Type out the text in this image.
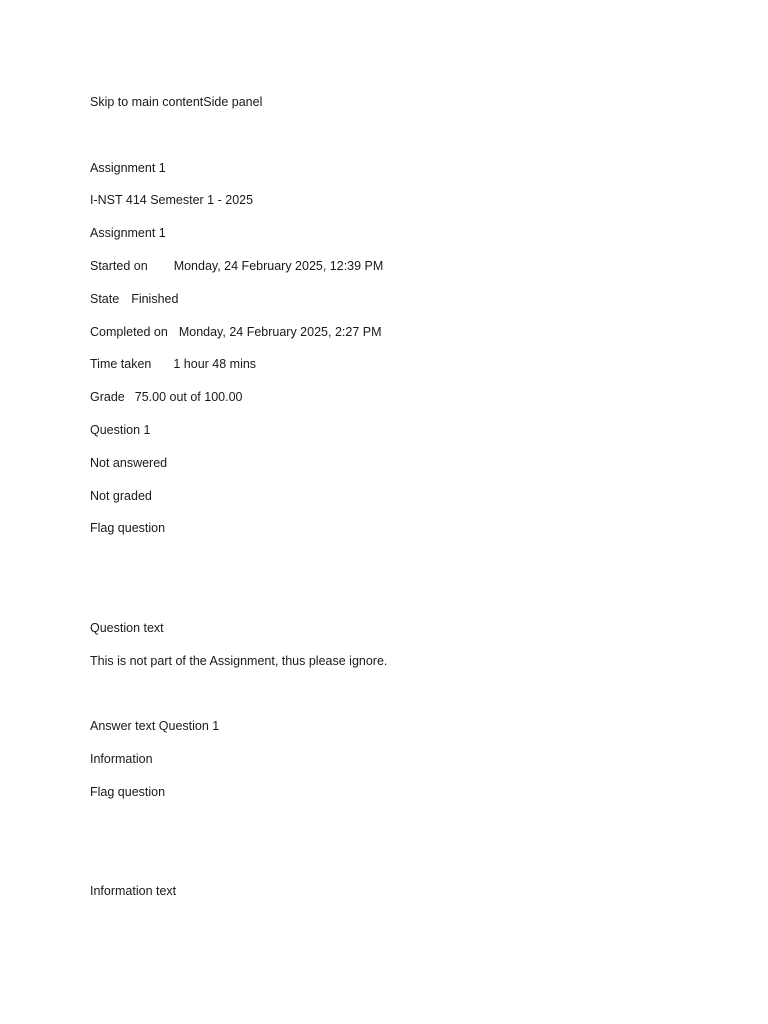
Skip to main contentSide panel
Assignment 1
I-NST 414 Semester 1 - 2025
Assignment 1
Started on Monday, 24 February 2025, 12:39 PM
State Finished
Completed on Monday, 24 February 2025, 2:27 PM
Time taken 1 hour 48 mins
Grade 75.00 out of 100.00
Question 1
Not answered
Not graded
Flag question
Question text
This is not part of the Assignment, thus please ignore.
Answer text Question 1
Information
Flag question
Information text
